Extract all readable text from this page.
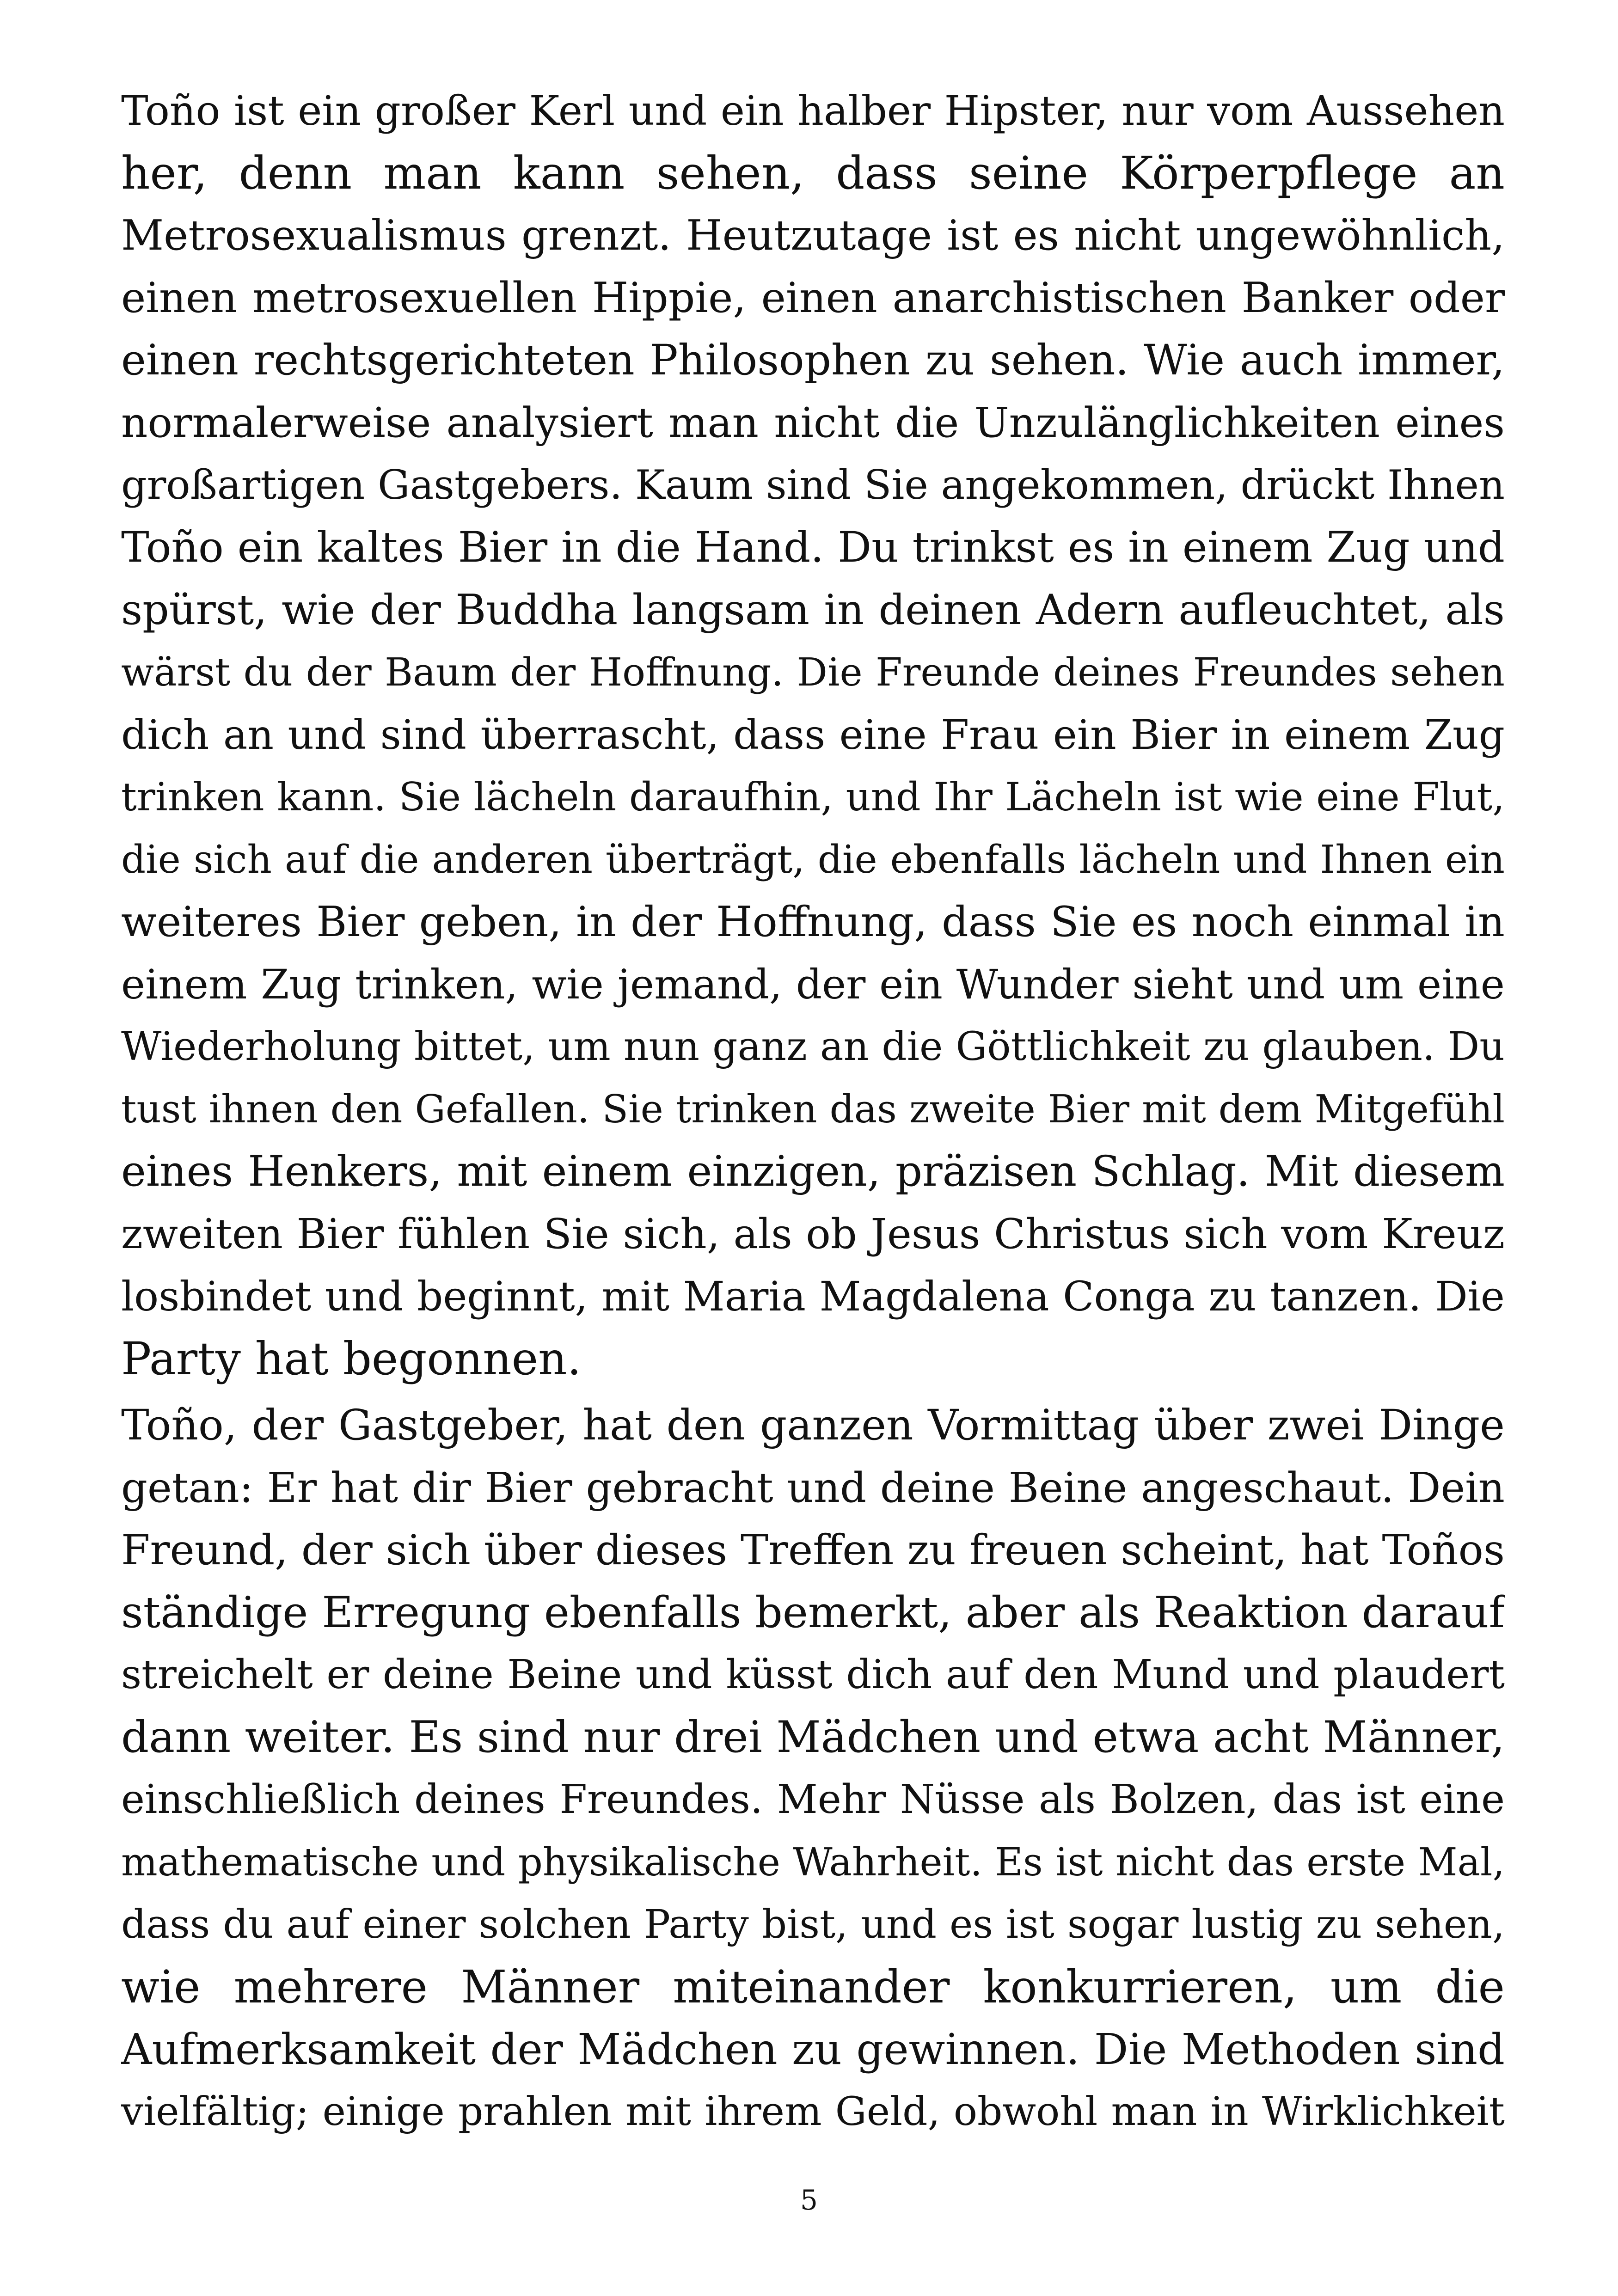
Toño ist ein großer Kerl und ein halber Hipster, nur vom Aussehen
her, denn man kann sehen, dass seine Körperpflege an
Metrosexualismus grenzt. Heutzutage ist es nicht ungewöhnlich,
einen metrosexuellen Hippie, einen anarchistischen Banker oder
einen rechtsgerichteten Philosophen zu sehen. Wie auch immer,
normalerweise analysiert man nicht die Unzulänglichkeiten eines
großartigen Gastgebers. Kaum sind Sie angekommen, drückt Ihnen
Toño ein kaltes Bier in die Hand. Du trinkst es in einem Zug und
spürst, wie der Buddha langsam in deinen Adern aufleuchtet, als
wärst du der Baum der Hoffnung. Die Freunde deines Freundes sehen
dich an und sind überrascht, dass eine Frau ein Bier in einem Zug
trinken kann. Sie lächeln daraufhin, und Ihr Lächeln ist wie eine Flut,
die sich auf die anderen überträgt, die ebenfalls lächeln und Ihnen ein
weiteres Bier geben, in der Hoffnung, dass Sie es noch einmal in
einem Zug trinken, wie jemand, der ein Wunder sieht und um eine
Wiederholung bittet, um nun ganz an die Göttlichkeit zu glauben. Du
tust ihnen den Gefallen. Sie trinken das zweite Bier mit dem Mitgefühl
eines Henkers, mit einem einzigen, präzisen Schlag. Mit diesem
zweiten Bier fühlen Sie sich, als ob Jesus Christus sich vom Kreuz
losbindet und beginnt, mit Maria Magdalena Conga zu tanzen. Die
Party hat begonnen.
Toño, der Gastgeber, hat den ganzen Vormittag über zwei Dinge
getan: Er hat dir Bier gebracht und deine Beine angeschaut. Dein
Freund, der sich über dieses Treffen zu freuen scheint, hat Toños
ständige Erregung ebenfalls bemerkt, aber als Reaktion darauf
streichelt er deine Beine und küsst dich auf den Mund und plaudert
dann weiter. Es sind nur drei Mädchen und etwa acht Männer,
einschließlich deines Freundes. Mehr Nüsse als Bolzen, das ist eine
mathematische und physikalische Wahrheit. Es ist nicht das erste Mal,
dass du auf einer solchen Party bist, und es ist sogar lustig zu sehen,
wie mehrere Männer miteinander konkurrieren, um die
Aufmerksamkeit der Mädchen zu gewinnen. Die Methoden sind
vielfältig; einige prahlen mit ihrem Geld, obwohl man in Wirklichkeit
5
